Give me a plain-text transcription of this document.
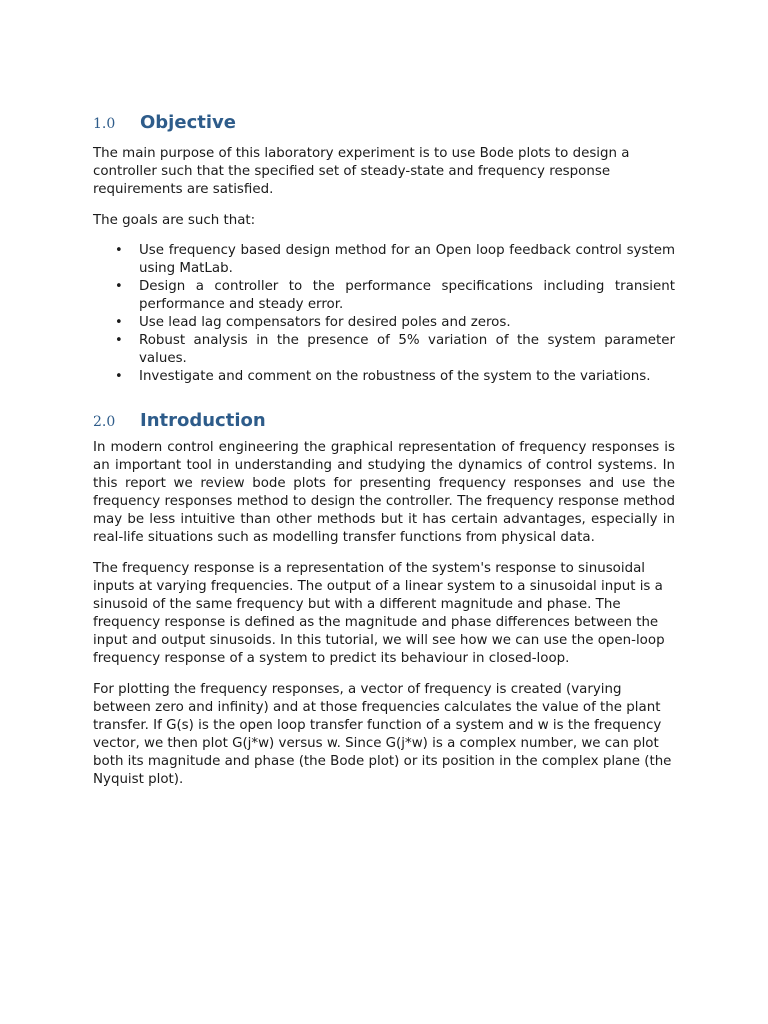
1.0	Objective

The main purpose of this laboratory experiment is to use Bode plots to design a controller such that the specified set of steady-state and frequency response requirements are satisfied.

The goals are such that:

• Use frequency based design method for an Open loop feedback control system using MatLab.
• Design a controller to the performance specifications including transient performance and steady error.
• Use lead lag compensators for desired poles and zeros.
• Robust analysis in the presence of 5% variation of the system parameter values.
• Investigate and comment on the robustness of the system to the variations.
2.0	Introduction

In modern control engineering the graphical representation of frequency responses is an important tool in understanding and studying the dynamics of control systems. In this report we review bode plots for presenting frequency responses and use the frequency responses method to design the controller. The frequency response method may be less intuitive than other methods but it has certain advantages, especially in real-life situations such as modelling transfer functions from physical data.

The frequency response is a representation of the system's response to sinusoidal inputs at varying frequencies. The output of a linear system to a sinusoidal input is a sinusoid of the same frequency but with a different magnitude and phase. The frequency response is defined as the magnitude and phase differences between the input and output sinusoids. In this tutorial, we will see how we can use the open-loop frequency response of a system to predict its behaviour in closed-loop.

For plotting the frequency responses, a vector of frequency is created (varying between zero and infinity) and at those frequencies calculates the value of the plant transfer. If G(s) is the open loop transfer function of a system and w is the frequency vector, we then plot G(j*w) versus w. Since G(j*w) is a complex number, we can plot both its magnitude and phase (the Bode plot) or its position in the complex plane (the Nyquist plot).
